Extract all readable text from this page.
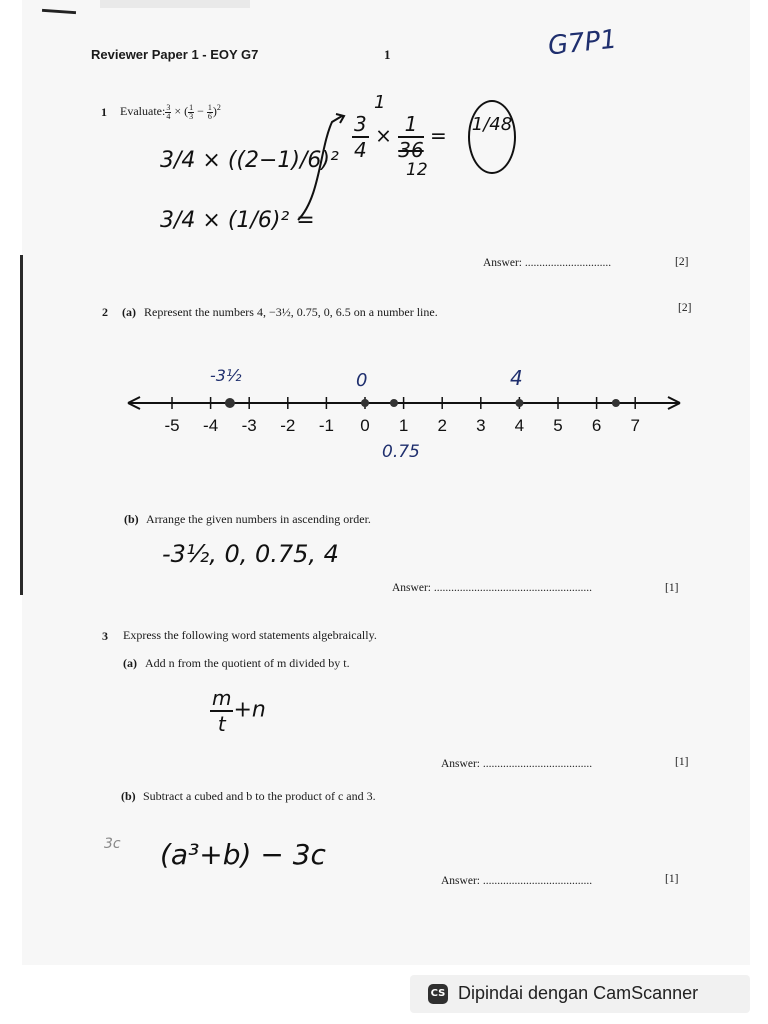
Reviewer Paper 1 - EOY G7	1	G7P1
1 Evaluate: $\frac{3}{4}$ × ( $\frac{1}{3} - \frac{1}{6} )^2$
3/4 × ((2−1)/6)²
3/4 × (1/6)² =
1
$\frac{3}{4} \times \frac{1}{36}$ =
12
1/48
Answer: ..............................	[2]
2 (a) Represent the numbers 4, −3½, 0.75, 0, 6.5 on a number line.	[2]
-5 -4 -3 -2 -1 0 1 2 3 4 5 6 7
-3½	0	4
0.75
(b) Arrange the given numbers in ascending order.
-3½, 0, 0.75, 4
Answer: .......................................................	[1]
3 Express the following word statements algebraically.
(a) Add n from the quotient of m divided by t.
$\frac{m}{t} +n$
Answer: ......................................	[1]
(b) Subtract a cubed and b to the product of c and 3.
3c (a³+b) − 3c
Answer: ......................................	[1]
CS Dipindai dengan CamScanner
